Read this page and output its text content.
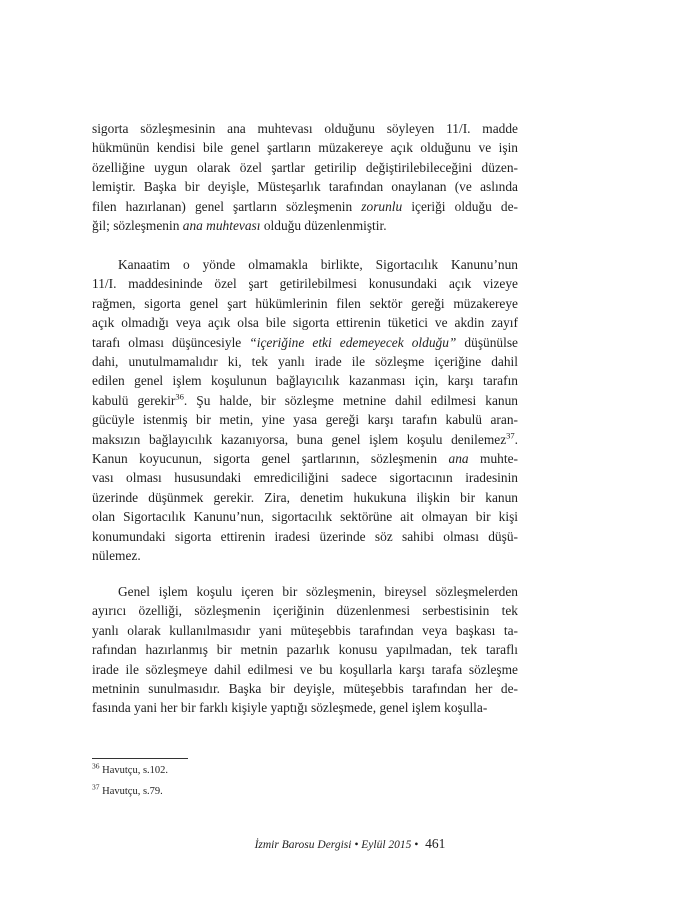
sigorta sözleşmesinin ana muhtevası olduğunu söyleyen 11/I. madde
hükmünün kendisi bile genel şartların müzakereye açık olduğunu ve işin
özelliğine uygun olarak özel şartlar getirilip değiştirilebileceğini düzen-
lemiştir. Başka bir deyişle, Müsteşarlık tarafından onaylanan (ve aslında
filen hazırlanan) genel şartların sözleşmenin zorunlu içeriği olduğu de-
ğil; sözleşmenin ana muhtevası olduğu düzenlenmiştir.
Kanaatim o yönde olmamakla birlikte, Sigortacılık Kanunu’nun
11/I. maddesininde özel şart getirilebilmesi konusundaki açık vizeye
rağmen, sigorta genel şart hükümlerinin filen sektör gereği müzakereye
açık olmadığı veya açık olsa bile sigorta ettirenin tüketici ve akdin zayıf
tarafı olması düşüncesiyle “içeriğine etki edemeyecek olduğu” düşünülse
dahi, unutulmamalıdır ki, tek yanlı irade ile sözleşme içeriğine dahil
edilen genel işlem koşulunun bağlayıcılık kazanması için, karşı tarafın
kabulü gerekir$^{36}$. Şu halde, bir sözleşme metnine dahil edilmesi kanun
gücüyle istenmiş bir metin, yine yasa gereği karşı tarafın kabulü aran-
maksızın bağlayıcılık kazanıyorsa, buna genel işlem koşulu denilemez$^{37}$.
Kanun koyucunun, sigorta genel şartlarının, sözleşmenin ana muhte-
vası olması hususundaki emrediciliğini sadece sigortacının iradesinin
üzerinde düşünmek gerekir. Zira, denetim hukukuna ilişkin bir kanun
olan Sigortacılık Kanunu’nun, sigortacılık sektörüne ait olmayan bir kişi
konumundaki sigorta ettirenin iradesi üzerinde söz sahibi olması düşü-
nülemez.
Genel işlem koşulu içeren bir sözleşmenin, bireysel sözleşmelerden
ayırıcı özelliği, sözleşmenin içeriğinin düzenlenmesi serbestisinin tek
yanlı olarak kullanılmasıdır yani müteşebbis tarafından veya başkası ta-
rafından hazırlanmış bir metnin pazarlık konusu yapılmadan, tek taraflı
irade ile sözleşmeye dahil edilmesi ve bu koşullarla karşı tarafa sözleşme
metninin sunulmasıdır. Başka bir deyişle, müteşebbis tarafından her de-
fasında yani her bir farklı kişiyle yaptığı sözleşmede, genel işlem koşulla-
$^{36}$ Havutçu, s.102.
$^{37}$ Havutçu, s.79.
İzmir Barosu Dergisi • Eylül 2015 • 461
